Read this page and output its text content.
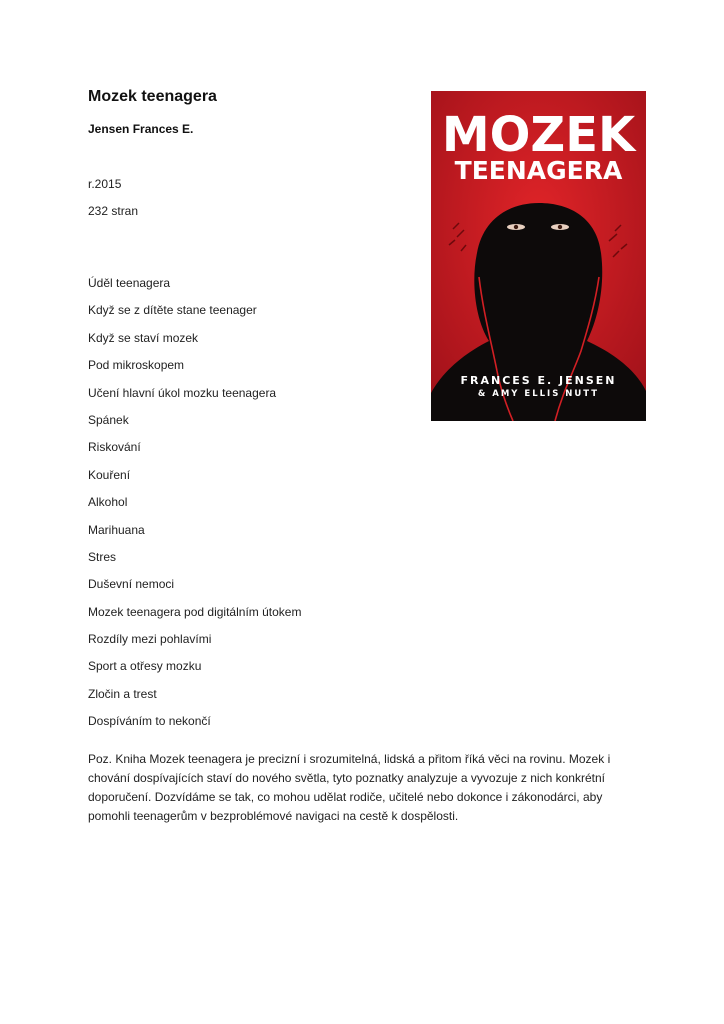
Mozek teenagera

Jensen Frances E.

r.2015

232 stran

Úděl teenagera
Když se z dítěte stane teenager
Když se staví mozek
Pod mikroskopem
Učení hlavní úkol mozku teenagera
Spánek
Riskování
Kouření
Alkohol
Marihuana
Stres
Duševní nemoci
Mozek teenagera pod digitálním útokem
Rozdíly mezi pohlavími
Sport a otřesy mozku
Zločin a trest
Dospíváním to nekončí

Poz. Kniha Mozek teenagera je precizní i srozumitelná, lidská a přitom říká věci na rovinu. Mozek i chování dospívajících staví do nového světla, tyto poznatky analyzuje a vyvozuje z nich konkrétní doporučení. Dozvídáme se tak, co mohou udělat rodiče, učitelé nebo dokonce i zákonodárci, aby pomohli teenagerům v bezproblémové navigaci na cestě k dospělosti.

MOZEK

TEENAGERA

FRANCES E. JENSEN

& AMY ELLIS NUTT
